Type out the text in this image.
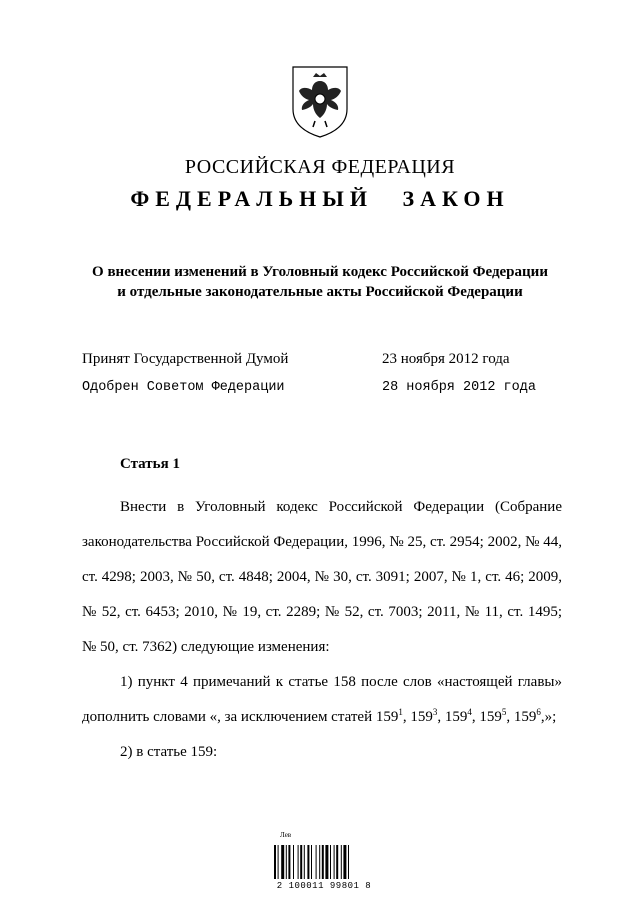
РОССИЙСКАЯ ФЕДЕРАЦИЯ
ФЕДЕРАЛЬНЫЙ ЗАКОН
О внесении изменений в Уголовный кодекс Российской Федерации
и отдельные законодательные акты Российской Федерации
Принят Государственной Думой	23 ноября 2012 года
Одобрен Советом Федерации	28 ноября 2012 года
Статья 1

Внести в Уголовный кодекс Российской Федерации (Собрание законодательства Российской Федерации, 1996, № 25, ст. 2954; 2002, № 44, ст. 4298; 2003, № 50, ст. 4848; 2004, № 30, ст. 3091; 2007, № 1, ст. 46; 2009, № 52, ст. 6453; 2010, № 19, ст. 2289; № 52, ст. 7003; 2011, № 11, ст. 1495; № 50, ст. 7362) следующие изменения:

1) пункт 4 примечаний к статье 158 после слов «настоящей главы» дополнить словами «, за исключением статей $159^1$, $159^3$, $159^4$, $159^5$, $159^6$,»;

2) в статье 159:

Лев
2 100011 99801 8
